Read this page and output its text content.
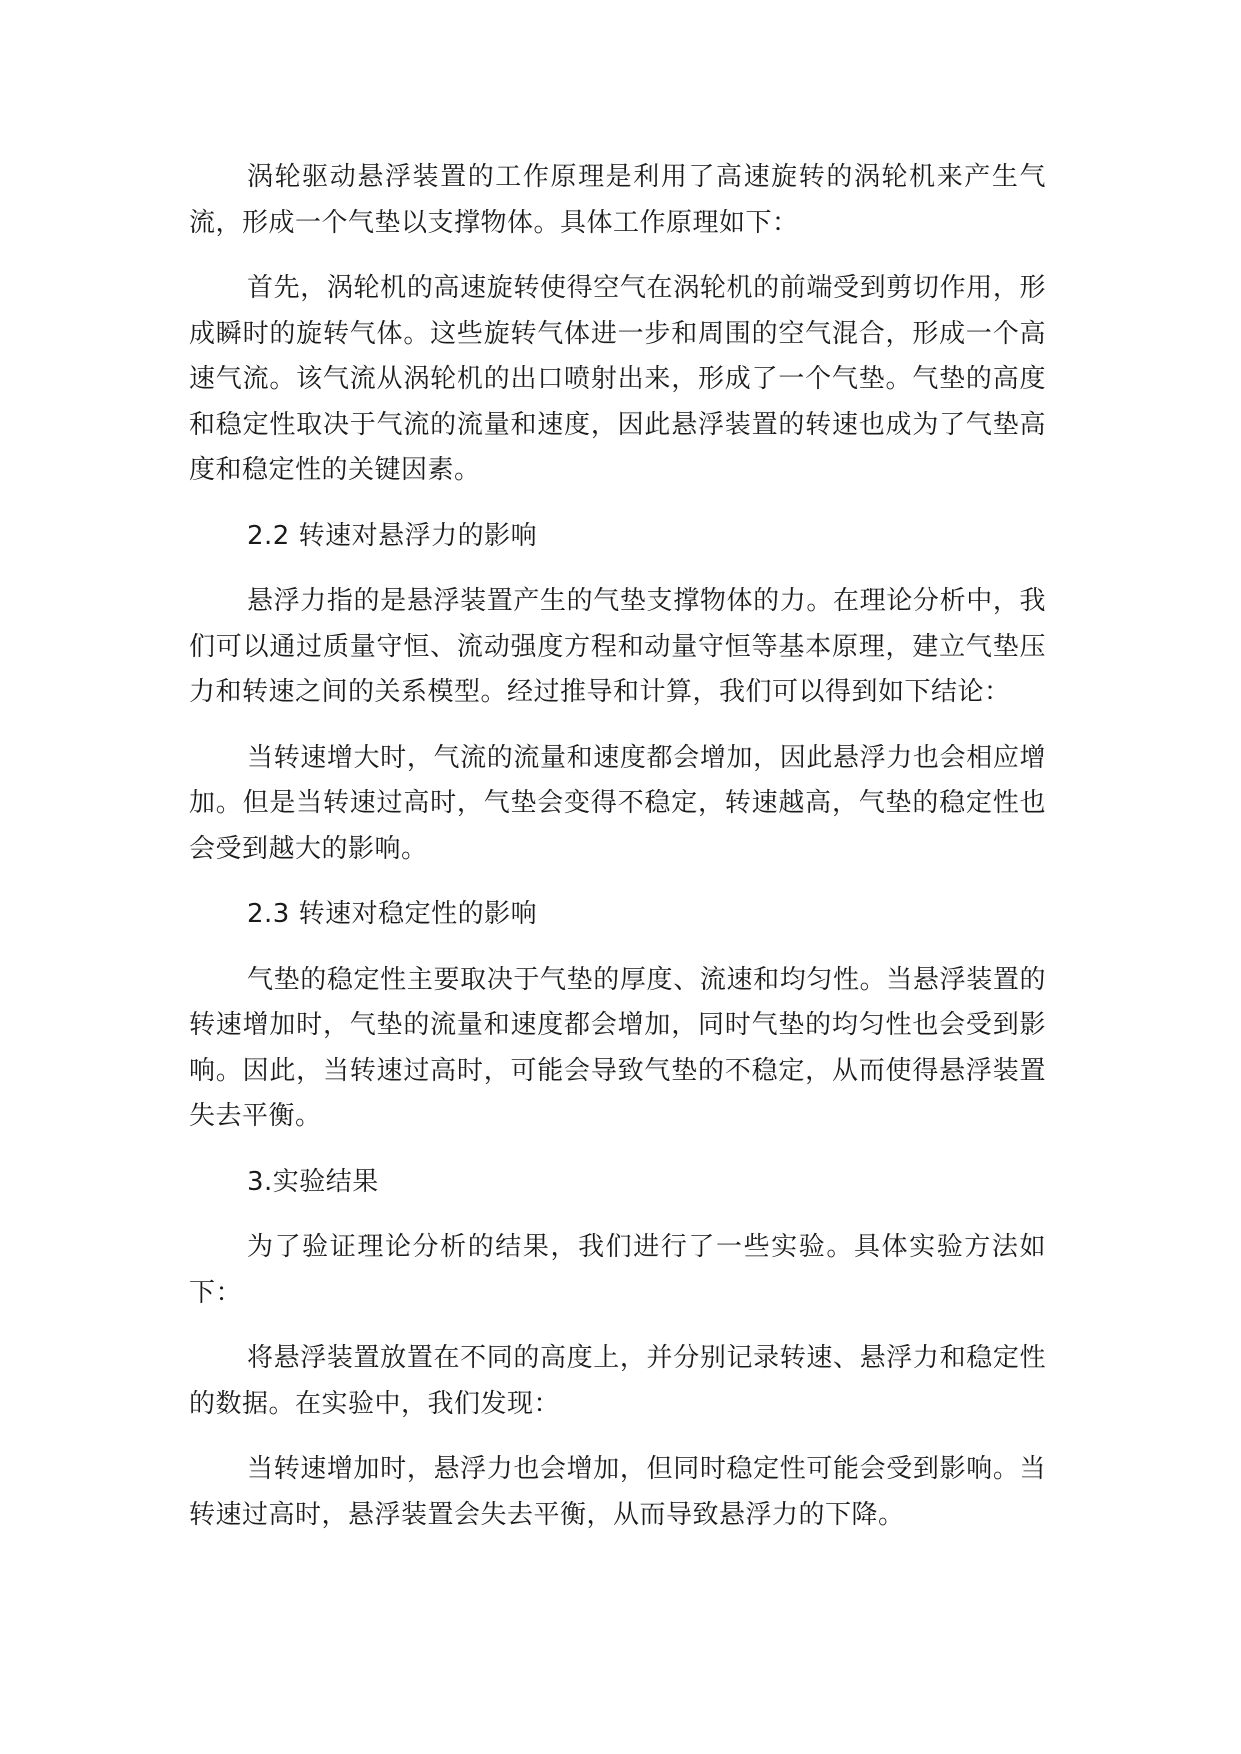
涡轮驱动悬浮装置的工作原理是利用了高速旋转的涡轮机来产生气流，形成一个气垫以支撑物体。具体工作原理如下：

首先，涡轮机的高速旋转使得空气在涡轮机的前端受到剪切作用，形成瞬时的旋转气体。这些旋转气体进一步和周围的空气混合，形成一个高速气流。该气流从涡轮机的出口喷射出来，形成了一个气垫。气垫的高度和稳定性取决于气流的流量和速度，因此悬浮装置的转速也成为了气垫高度和稳定性的关键因素。

2.2 转速对悬浮力的影响

悬浮力指的是悬浮装置产生的气垫支撑物体的力。在理论分析中，我们可以通过质量守恒、流动强度方程和动量守恒等基本原理，建立气垫压力和转速之间的关系模型。经过推导和计算，我们可以得到如下结论：

当转速增大时，气流的流量和速度都会增加，因此悬浮力也会相应增加。但是当转速过高时，气垫会变得不稳定，转速越高，气垫的稳定性也会受到越大的影响。

2.3 转速对稳定性的影响

气垫的稳定性主要取决于气垫的厚度、流速和均匀性。当悬浮装置的转速增加时，气垫的流量和速度都会增加，同时气垫的均匀性也会受到影响。因此，当转速过高时，可能会导致气垫的不稳定，从而使得悬浮装置失去平衡。

3.实验结果

为了验证理论分析的结果，我们进行了一些实验。具体实验方法如下：

将悬浮装置放置在不同的高度上，并分别记录转速、悬浮力和稳定性的数据。在实验中，我们发现：

当转速增加时，悬浮力也会增加，但同时稳定性可能会受到影响。当转速过高时，悬浮装置会失去平衡，从而导致悬浮力的下降。
